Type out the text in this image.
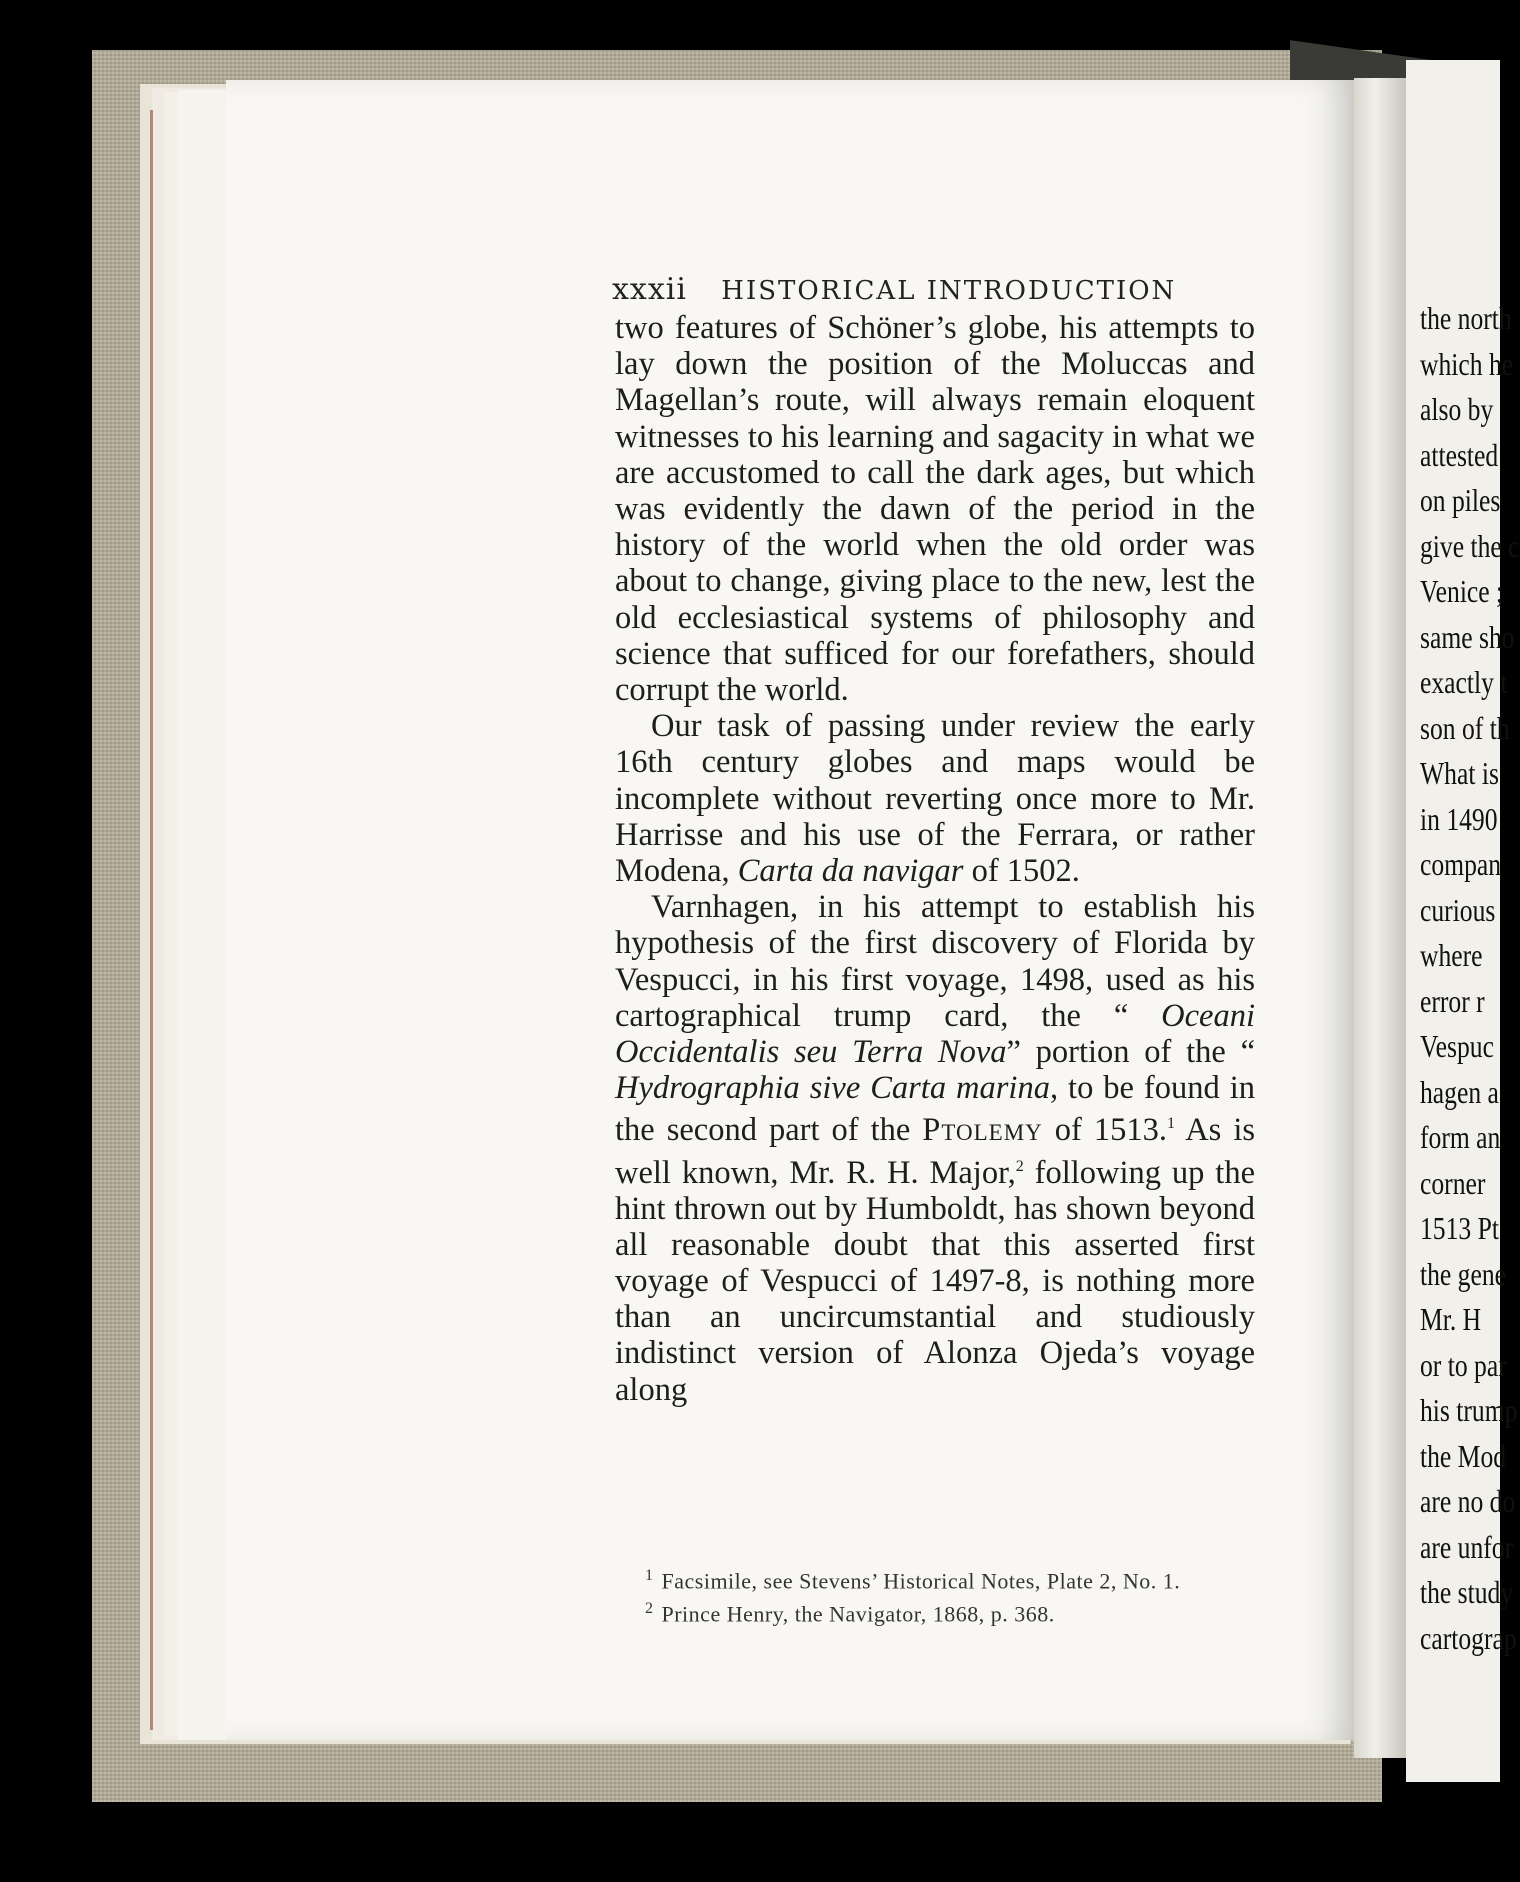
the north
which he
also by
attested
on piles
give the c
Venice ;
same sho
exactly t
son of th
What is
in 1490
compan
curious
where
error r
Vespuc
hagen a
form an
corner
1513 Pt
the gene
Mr. H
or to par
his trump
the Mod
are no do
are unfor
the study
cartograp
xxxii HISTORICAL INTRODUCTION

two features of Schöner’s globe, his attempts to lay down the position of the Moluccas and Magellan’s route, will always remain eloquent witnesses to his learning and sagacity in what we are accustomed to call the dark ages, but which was evidently the dawn of the period in the history of the world when the old order was about to change, giving place to the new, lest the old ecclesiastical systems of philosophy and science that sufficed for our forefathers, should corrupt the world.

Our task of passing under review the early 16th century globes and maps would be incomplete without reverting once more to Mr. Harrisse and his use of the Ferrara, or rather Modena, Carta da navigar of 1502.

Varnhagen, in his attempt to establish his hypothesis of the first discovery of Florida by Vespucci, in his first voyage, 1498, used as his cartographical trump card, the “ Oceani Occidentalis seu Terra Nova” portion of the “ Hydrographia sive Carta marina, to be found in the second part of the Ptolemy of 1513.$^1$ As is well known, Mr. R. H. Major,$^2$ following up the hint thrown out by Humboldt, has shown beyond all reasonable doubt that this asserted first voyage of Vespucci of 1497-8, is nothing more than an uncircumstantial and studiously indistinct version of Alonza Ojeda’s voyage along

$^1$ Facsimile, see Stevens’ Historical Notes, Plate 2, No. 1.
$^2$ Prince Henry, the Navigator, 1868, p. 368.
